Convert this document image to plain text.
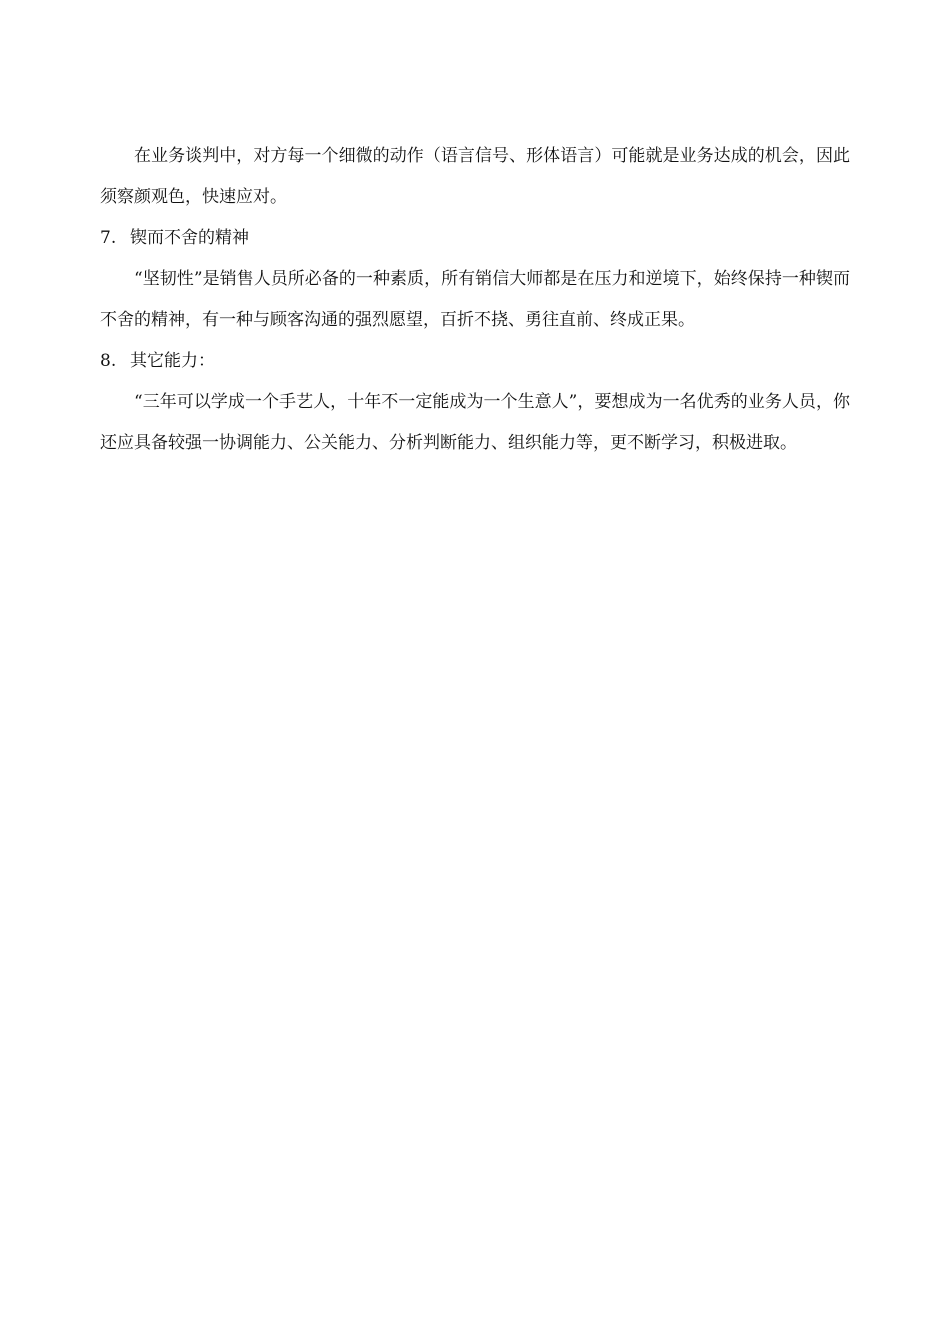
在业务谈判中，对方每一个细微的动作（语言信号、形体语言）可能就是业务达成的机会，因此须察颜观色，快速应对。

7. 锲而不舍的精神

“坚韧性”是销售人员所必备的一种素质，所有销信大师都是在压力和逆境下，始终保持一种锲而不舍的精神，有一种与顾客沟通的强烈愿望，百折不挠、勇往直前、终成正果。

8. 其它能力：

“三年可以学成一个手艺人，十年不一定能成为一个生意人”，要想成为一名优秀的业务人员，你还应具备较强一协调能力、公关能力、分析判断能力、组织能力等，更不断学习，积极进取。
